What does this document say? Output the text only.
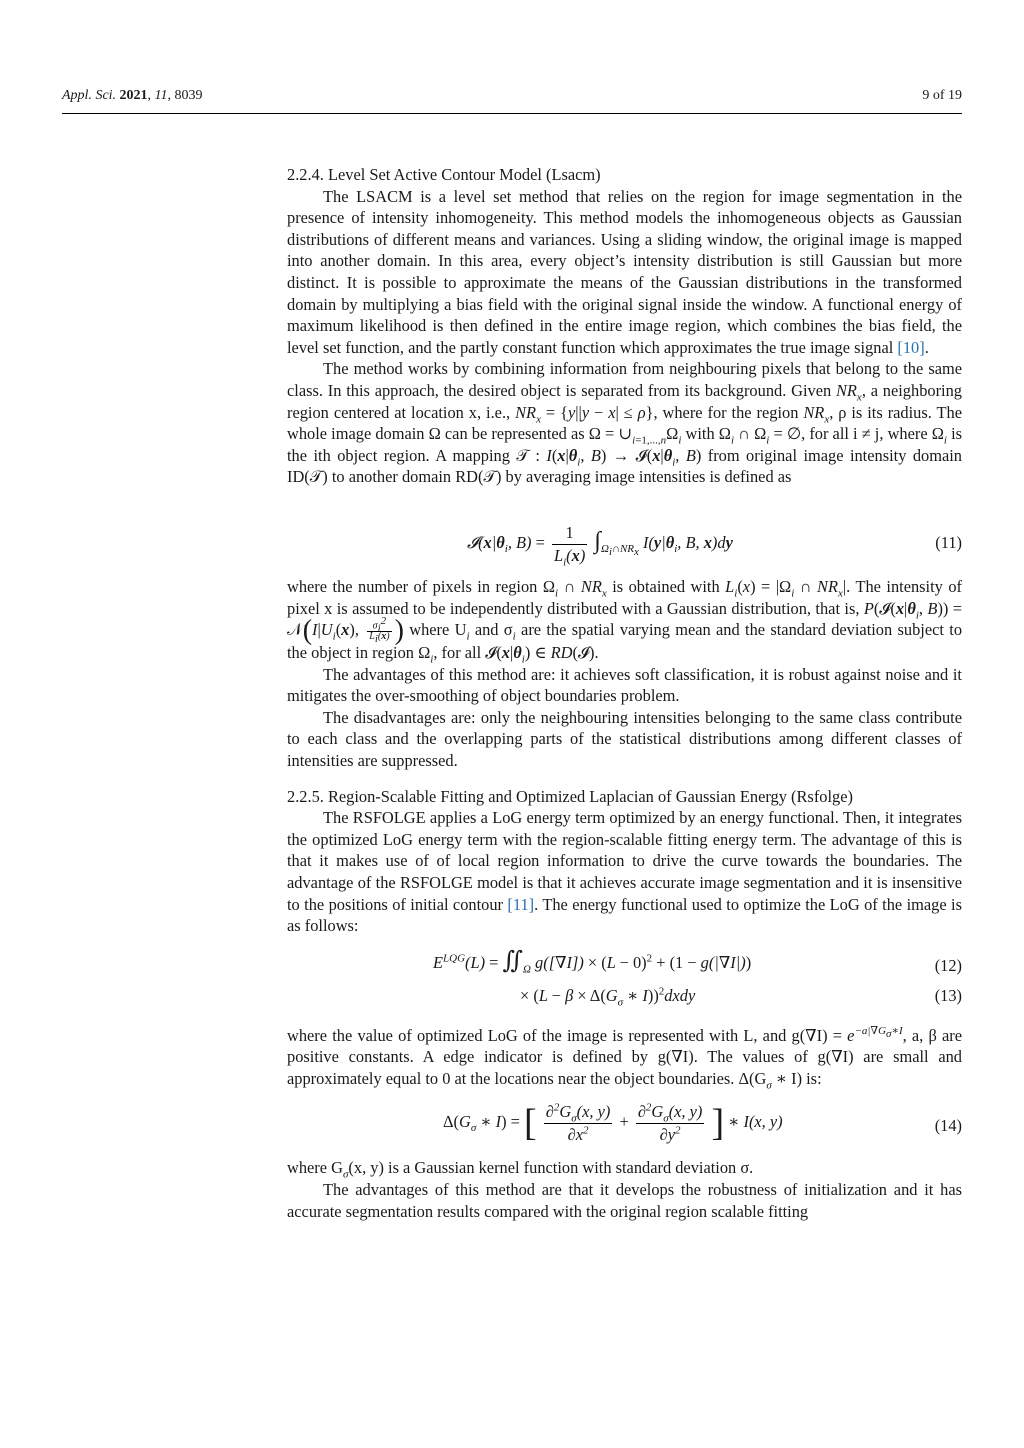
Appl. Sci. 2021, 11, 8039	9 of 19

2.2.4. Level Set Active Contour Model (Lsacm)

The LSACM is a level set method that relies on the region for image segmentation in the presence of intensity inhomogeneity. This method models the inhomogeneous objects as Gaussian distributions of different means and variances. Using a sliding window, the original image is mapped into another domain. In this area, every object’s intensity distribution is still Gaussian but more distinct. It is possible to approximate the means of the Gaussian distributions in the transformed domain by multiplying a bias field with the original signal inside the window. A functional energy of maximum likelihood is then defined in the entire image region, which combines the bias field, the level set function, and the partly constant function which approximates the true image signal [10].

The method works by combining information from neighbouring pixels that belong to the same class. In this approach, the desired object is separated from its background. Given $NR_x$, a neighboring region centered at location x, i.e., $NR_x = \{y||y - x| \le \rho\}$, where for the region $NR_x$, ρ is its radius. The whole image domain Ω can be represented as $\Omega = \cup_{i=1,...,n}\Omega_i$ with $\Omega_i$ ∩ $\Omega_i$ = ∅, for all i ≠ j, where $\Omega_i$ is the ith object region. A mapping 𝒯 : $I(x|\theta_i$, $B) \to 𝓘(x|\theta_i$, B) from original image intensity domain ID(𝒯) to another domain RD(𝒯) by averaging image intensities is defined as

$𝓘(x|\theta_i$, $B) = \frac{1}{L_i(x)} \int_{\Omega_i\cap NR_x}$ $I(y|\theta_i$, B, x)dy	(11)

where the number of pixels in region $\Omega_i$ ∩ $NR_x$ is obtained with $L_i(x) = |\Omega_i$ ∩ $NR_x|$. The intensity of pixel x is assumed to be independently distributed with a Gaussian distribution, that is, $P(𝓘(x|\theta_i$, $B)) = 𝒩(I|U_i(x)$, $\frac{\sigma_i^2}{L_i(x)}$ ) where $U_i$ and $\sigma_i$ are the spatial varying mean and the standard deviation subject to the object in region $\Omega_i$, for all $𝓘(x|\theta_i)$ ∈ RD(𝓘).

The advantages of this method are: it achieves soft classification, it is robust against noise and it mitigates the over-smoothing of object boundaries problem.

The disadvantages are: only the neighbouring intensities belonging to the same class contribute to each class and the overlapping parts of the statistical distributions among different classes of intensities are suppressed.

2.2.5. Region-Scalable Fitting and Optimized Laplacian of Gaussian Energy (Rsfolge)

The RSFOLGE applies a LoG energy term optimized by an energy functional. Then, it integrates the optimized LoG energy term with the region-scalable fitting energy term. The advantage of this is that it makes use of of local region information to drive the curve towards the boundaries. The advantage of the RSFOLGE model is that it achieves accurate image segmentation and it is insensitive to the positions of initial contour [11]. The energy functional used to optimize the LoG of the image is as follows:

$E^{LQG}(L)$ = $∬_\Omega$ $g([\nabla I]) \times (L - 0)^2 + (1 - g(|\nabla I|))$	(12)
× ($L - \beta \times \Delta(G_\sigma$ ∗ I))$^2$dxdy	(13)

where the value of optimized LoG of the image is represented with L, and $g(\nabla I) = e^{-a|\nabla G_\sigma∗I}$, a, β are positive constants. A edge indicator is defined by g(∇I). The values of g(∇I) are small and approximately equal to 0 at the locations near the object boundaries. $\Delta(G_\sigma$ ∗ I) is:

$\Delta(G_\sigma$ ∗ I) = [ $\frac{\partial^2G_\sigma(x, y)}{\partial x^2} + \frac{\partial^2G_\sigma(x, y)}{\partial y^2}$ ] ∗ I(x, y)	(14)

where $G_\sigma(x$, y) is a Gaussian kernel function with standard deviation σ.

The advantages of this method are that it develops the robustness of initialization and it has accurate segmentation results compared with the original region scalable fitting
